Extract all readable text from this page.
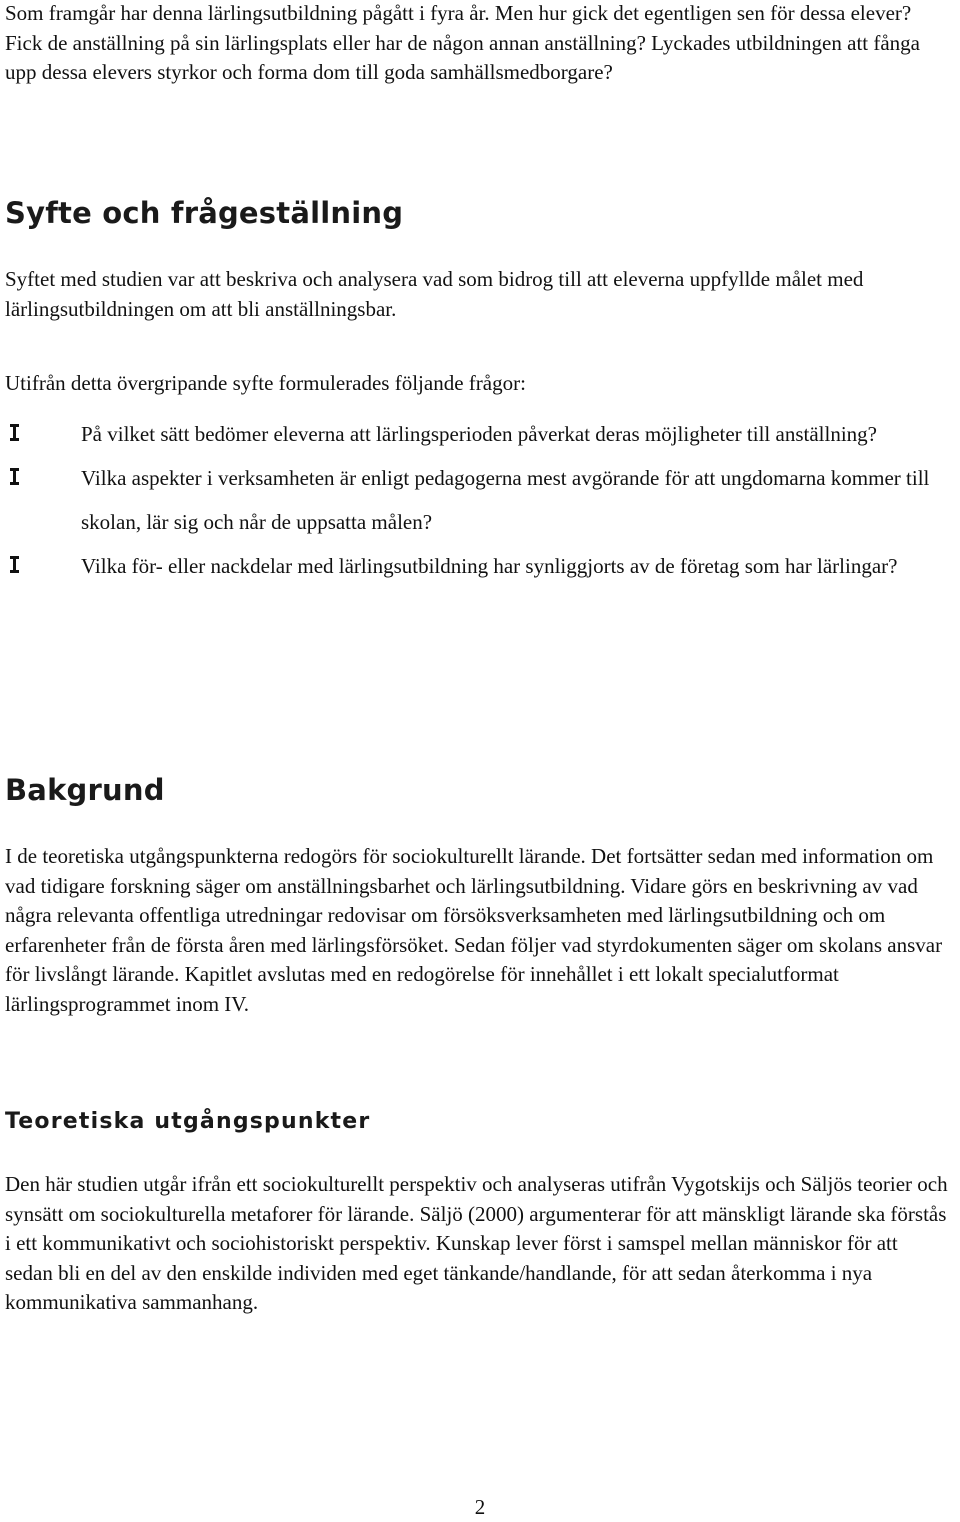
Som framgår har denna lärlingsutbildning pågått i fyra år. Men hur gick det egentligen sen för dessa elever? Fick de anställning på sin lärlingsplats eller har de någon annan anställning? Lyckades utbildningen att fånga upp dessa elevers styrkor och forma dom till goda samhällsmedborgare?

Syfte och frågeställning

Syftet med studien var att beskriva och analysera vad som bidrog till att eleverna uppfyllde målet med lärlingsutbildningen om att bli anställningsbar.

Utifrån detta övergripande syfte formulerades följande frågor:

På vilket sätt bedömer eleverna att lärlingsperioden påverkat deras möjligheter till anställning?
Vilka aspekter i verksamheten är enligt pedagogerna mest avgörande för att ungdomarna kommer till skolan, lär sig och når de uppsatta målen?
Vilka för- eller nackdelar med lärlingsutbildning har synliggjorts av de företag som har lärlingar?
Bakgrund

I de teoretiska utgångspunkterna redogörs för sociokulturellt lärande. Det fortsätter sedan med information om vad tidigare forskning säger om anställningsbarhet och lärlingsutbildning. Vidare görs en beskrivning av vad några relevanta offentliga utredningar redovisar om försöksverksamheten med lärlingsutbildning och om erfarenheter från de första åren med lärlingsförsöket. Sedan följer vad styrdokumenten säger om skolans ansvar för livslångt lärande. Kapitlet avslutas med en redogörelse för innehållet i ett lokalt specialutformat lärlingsprogrammet inom IV.

Teoretiska utgångspunkter

Den här studien utgår ifrån ett sociokulturellt perspektiv och analyseras utifrån Vygotskijs och Säljös teorier och synsätt om sociokulturella metaforer för lärande. Säljö (2000) argumenterar för att mänskligt lärande ska förstås i ett kommunikativt och sociohistoriskt perspektiv. Kunskap lever först i samspel mellan människor för att sedan bli en del av den enskilde individen med eget tänkande/handlande, för att sedan återkomma i nya kommunikativa sammanhang.

2
